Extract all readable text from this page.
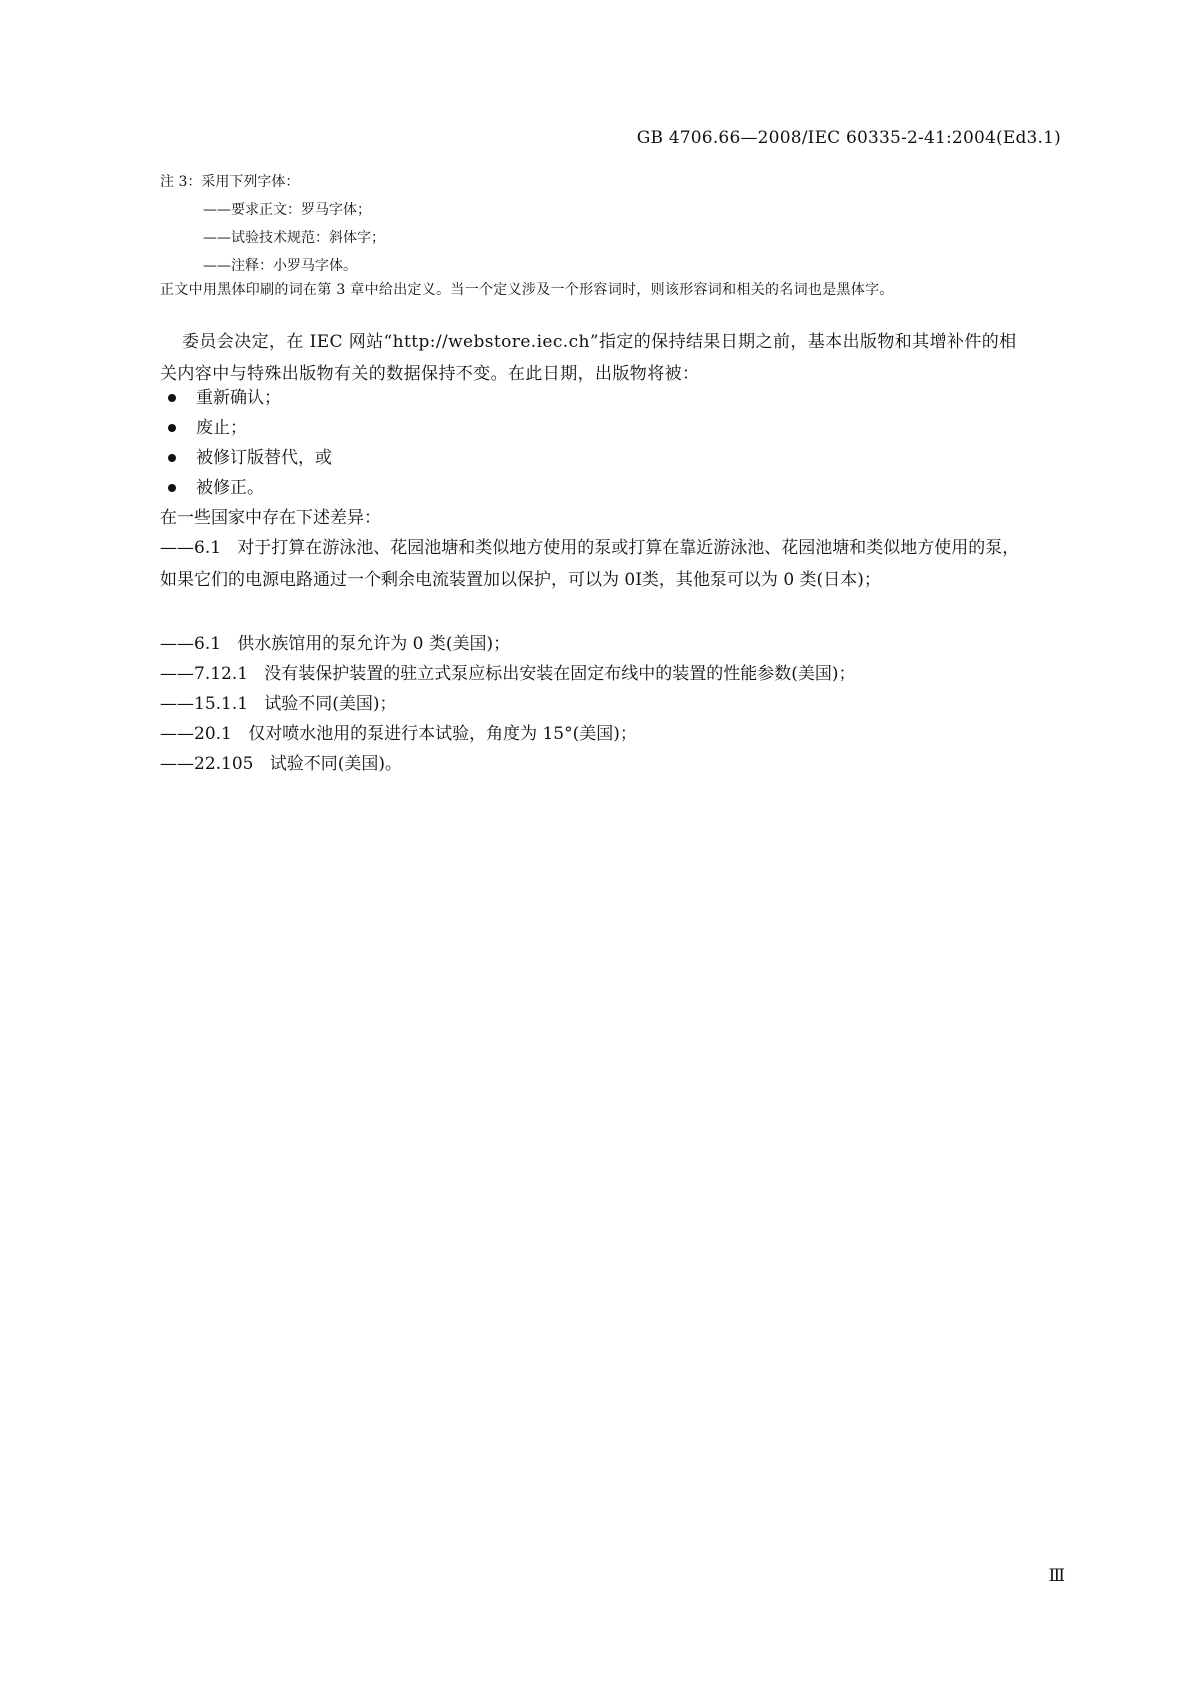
GB 4706.66—2008/IEC 60335-2-41:2004(Ed3.1)
注 3：采用下列字体：
——要求正文：罗马字体；
——试验技术规范：斜体字；
——注释：小罗马字体。
正文中用黑体印刷的词在第 3 章中给出定义。当一个定义涉及一个形容词时，则该形容词和相关的名词也是黑体字。
委员会决定，在 IEC 网站“http://webstore.iec.ch”指定的保持结果日期之前，基本出版物和其增补件的相关内容中与特殊出版物有关的数据保持不变。在此日期，出版物将被：
重新确认；
废止；
被修订版替代，或
被修正。
在一些国家中存在下述差异：
——6.1 对于打算在游泳池、花园池塘和类似地方使用的泵或打算在靠近游泳池、花园池塘和类似地方使用的泵，如果它们的电源电路通过一个剩余电流装置加以保护，可以为 0Ⅰ类，其他泵可以为 0 类(日本)；
——6.1 供水族馆用的泵允许为 0 类(美国)；
——7.12.1 没有装保护装置的驻立式泵应标出安装在固定布线中的装置的性能参数(美国)；
——15.1.1 试验不同(美国)；
——20.1 仅对喷水池用的泵进行本试验，角度为 15°(美国)；
——22.105 试验不同(美国)。
Ⅲ
